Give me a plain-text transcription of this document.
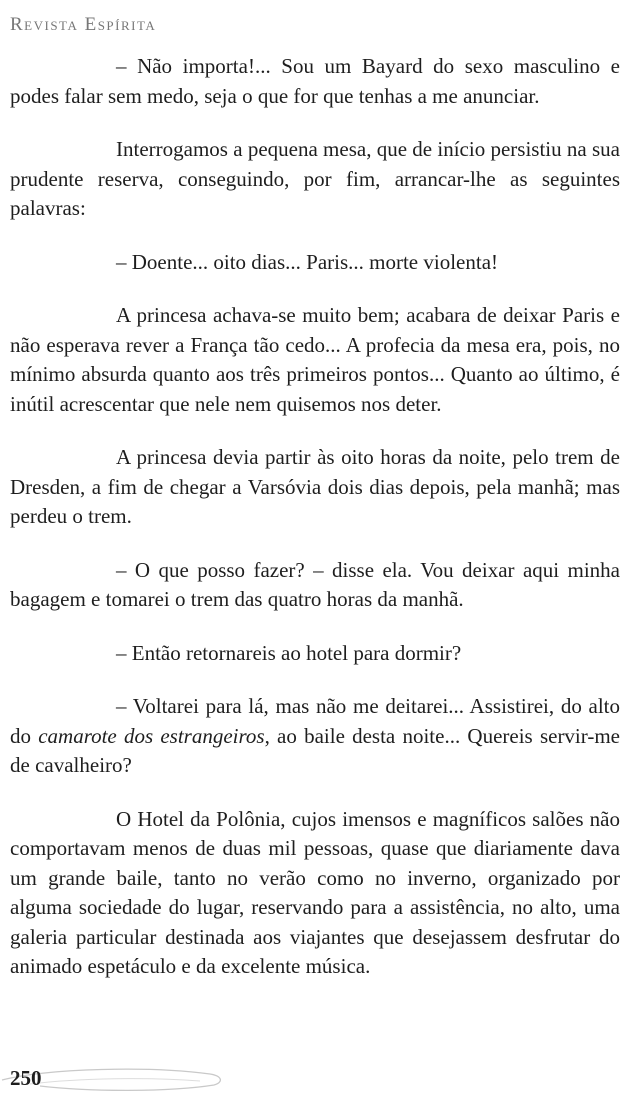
Revista Espírita

– Não importa!... Sou um Bayard do sexo masculino e podes falar sem medo, seja o que for que tenhas a me anunciar.

Interrogamos a pequena mesa, que de início persistiu na sua prudente reserva, conseguindo, por fim, arrancar-lhe as seguintes palavras:

– Doente... oito dias... Paris... morte violenta!

A princesa achava-se muito bem; acabara de deixar Paris e não esperava rever a França tão cedo... A profecia da mesa era, pois, no mínimo absurda quanto aos três primeiros pontos... Quanto ao último, é inútil acrescentar que nele nem quisemos nos deter.

A princesa devia partir às oito horas da noite, pelo trem de Dresden, a fim de chegar a Varsóvia dois dias depois, pela manhã; mas perdeu o trem.

– O que posso fazer? – disse ela. Vou deixar aqui minha bagagem e tomarei o trem das quatro horas da manhã.

– Então retornareis ao hotel para dormir?

– Voltarei para lá, mas não me deitarei... Assistirei, do alto do camarote dos estrangeiros, ao baile desta noite... Quereis servir-me de cavalheiro?

O Hotel da Polônia, cujos imensos e magníficos salões não comportavam menos de duas mil pessoas, quase que diariamente dava um grande baile, tanto no verão como no inverno, organizado por alguma sociedade do lugar, reservando para a assistência, no alto, uma galeria particular destinada aos viajantes que desejassem desfrutar do animado espetáculo e da excelente música.

250
